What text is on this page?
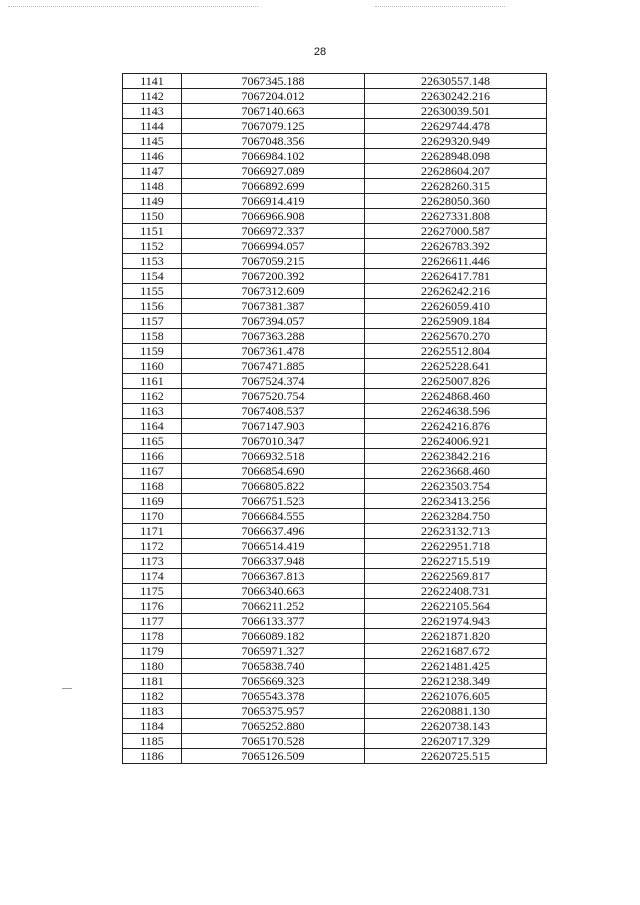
28
1141	7067345.188	22630557.148
1142	7067204.012	22630242.216
1143	7067140.663	22630039.501
1144	7067079.125	22629744.478
1145	7067048.356	22629320.949
1146	7066984.102	22628948.098
1147	7066927.089	22628604.207
1148	7066892.699	22628260.315
1149	7066914.419	22628050.360
1150	7066966.908	22627331.808
1151	7066972.337	22627000.587
1152	7066994.057	22626783.392
1153	7067059.215	22626611.446
1154	7067200.392	22626417.781
1155	7067312.609	22626242.216
1156	7067381.387	22626059.410
1157	7067394.057	22625909.184
1158	7067363.288	22625670.270
1159	7067361.478	22625512.804
1160	7067471.885	22625228.641
1161	7067524.374	22625007.826
1162	7067520.754	22624868.460
1163	7067408.537	22624638.596
1164	7067147.903	22624216.876
1165	7067010.347	22624006.921
1166	7066932.518	22623842.216
1167	7066854.690	22623668.460
1168	7066805.822	22623503.754
1169	7066751.523	22623413.256
1170	7066684.555	22623284.750
1171	7066637.496	22623132.713
1172	7066514.419	22622951.718
1173	7066337.948	22622715.519
1174	7066367.813	22622569.817
1175	7066340.663	22622408.731
1176	7066211.252	22622105.564
1177	7066133.377	22621974.943
1178	7066089.182	22621871.820
1179	7065971.327	22621687.672
1180	7065838.740	22621481.425
1181	7065669.323	22621238.349
1182	7065543.378	22621076.605
1183	7065375.957	22620881.130
1184	7065252.880	22620738.143
1185	7065170.528	22620717.329
1186	7065126.509	22620725.515
